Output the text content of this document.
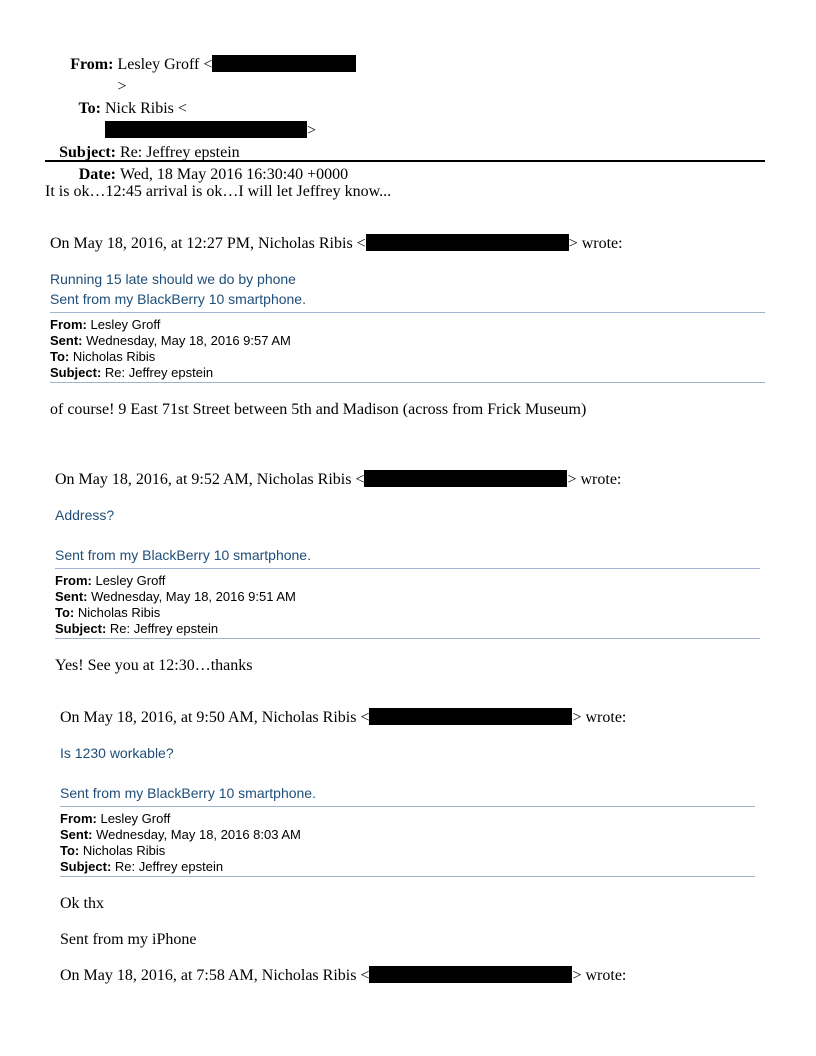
From: Lesley Groff <>
To: Nick Ribis <>
Subject: Re: Jeffrey epstein
Date: Wed, 18 May 2016 16:30:40 +0000
It is ok…12:45 arrival is ok…I will let Jeffrey know...
On May 18, 2016, at 12:27 PM, Nicholas Ribis <	> wrote:
Running 15 late should we do by phone
Sent from my BlackBerry 10 smartphone.
From: Lesley Groff
Sent: Wednesday, May 18, 2016 9:57 AM
To: Nicholas Ribis
Subject: Re: Jeffrey epstein
of course! 9 East 71st Street between 5th and Madison (across from Frick Museum)
On May 18, 2016, at 9:52 AM, Nicholas Ribis <	> wrote:
Address?
Sent from my BlackBerry 10 smartphone.
From: Lesley Groff
Sent: Wednesday, May 18, 2016 9:51 AM
To: Nicholas Ribis
Subject: Re: Jeffrey epstein
Yes! See you at 12:30…thanks
On May 18, 2016, at 9:50 AM, Nicholas Ribis <	> wrote:
Is 1230 workable?
Sent from my BlackBerry 10 smartphone.
From: Lesley Groff
Sent: Wednesday, May 18, 2016 8:03 AM
To: Nicholas Ribis
Subject: Re: Jeffrey epstein
Ok thx
Sent from my iPhone
On May 18, 2016, at 7:58 AM, Nicholas Ribis <	> wrote:
